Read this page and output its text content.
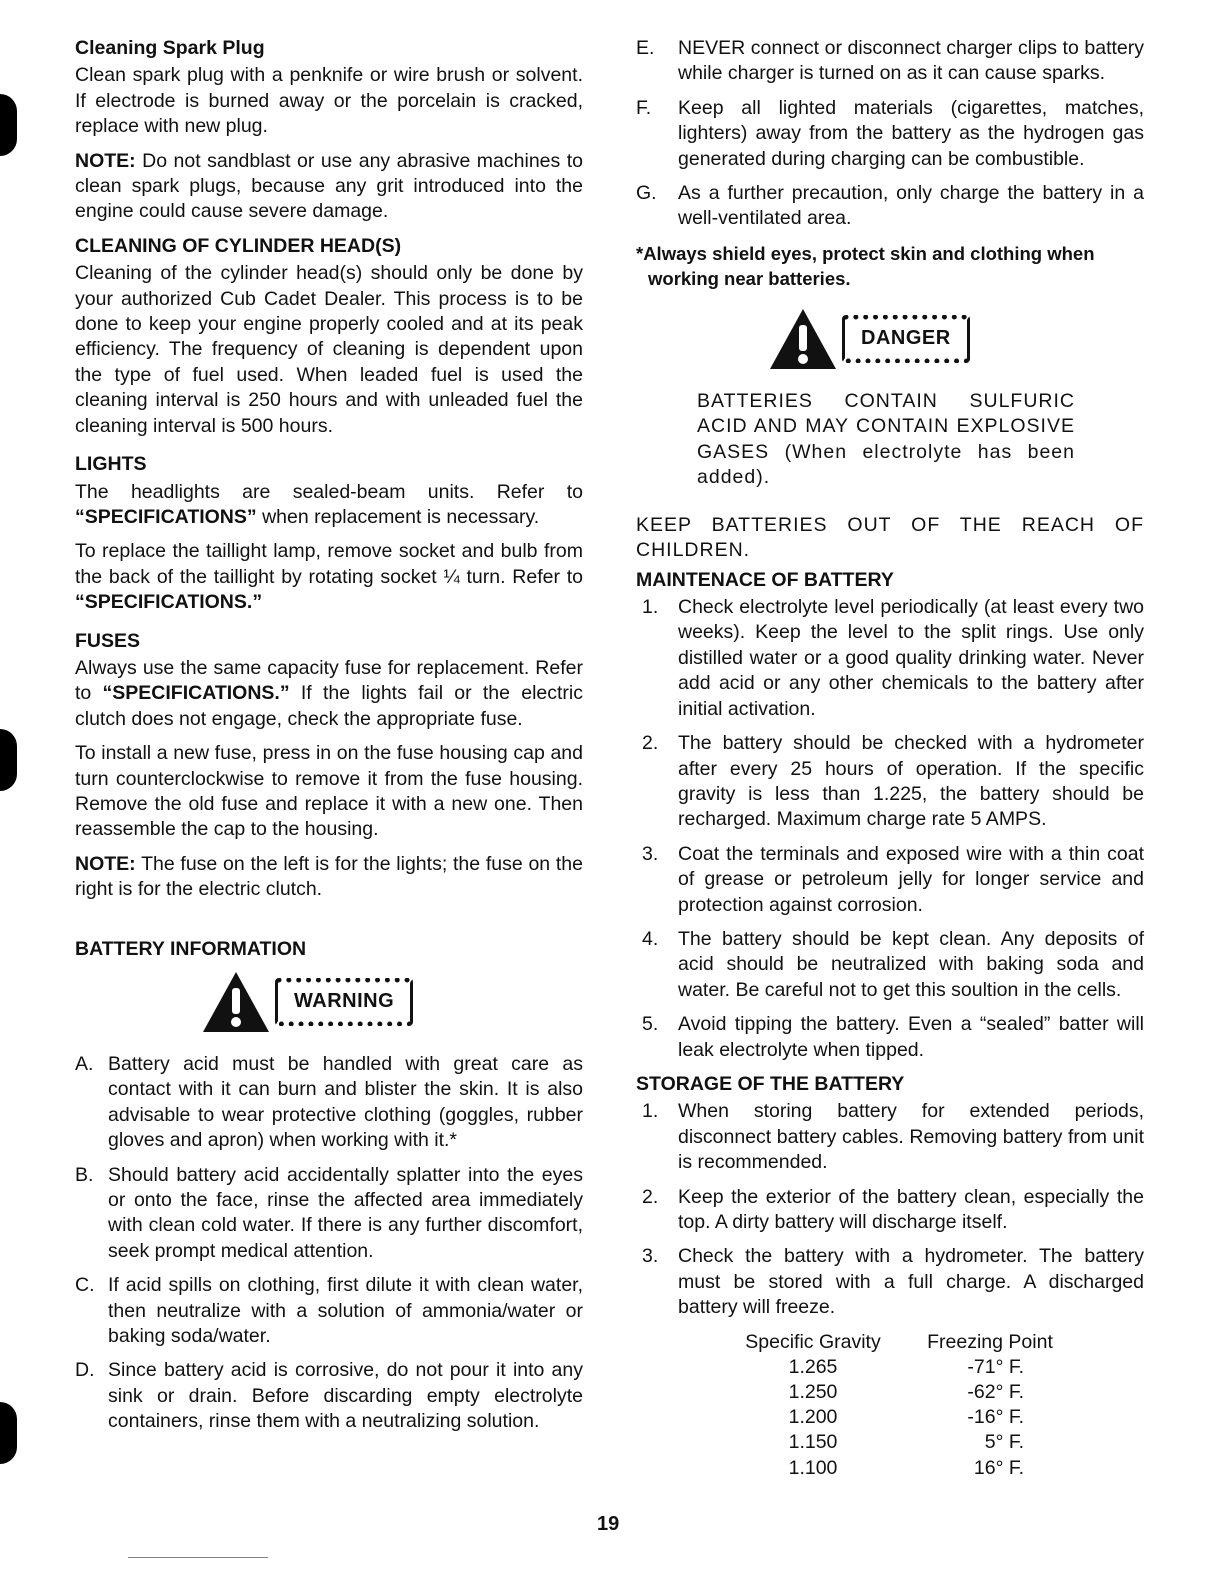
Cleaning Spark Plug

Clean spark plug with a penknife or wire brush or solvent. If electrode is burned away or the porcelain is cracked, replace with new plug.

NOTE: Do not sandblast or use any abrasive machines to clean spark plugs, because any grit introduced into the engine could cause severe damage.

CLEANING OF CYLINDER HEAD(S)

Cleaning of the cylinder head(s) should only be done by your authorized Cub Cadet Dealer. This process is to be done to keep your engine properly cooled and at its peak efficiency. The frequency of cleaning is dependent upon the type of fuel used. When leaded fuel is used the cleaning interval is 250 hours and with unleaded fuel the cleaning interval is 500 hours.

LIGHTS

The headlights are sealed-beam units. Refer to “SPECIFICATIONS” when replacement is necessary.

To replace the taillight lamp, remove socket and bulb from the back of the taillight by rotating socket ¼ turn. Refer to “SPECIFICATIONS.”

FUSES

Always use the same capacity fuse for replacement. Refer to “SPECIFICATIONS.” If the lights fail or the electric clutch does not engage, check the appropriate fuse.

To install a new fuse, press in on the fuse housing cap and turn counterclockwise to remove it from the fuse housing. Remove the old fuse and replace it with a new one. Then reassemble the cap to the housing.

NOTE: The fuse on the left is for the lights; the fuse on the right is for the electric clutch.

BATTERY INFORMATION

WARNING
A. Battery acid must be handled with great care as contact with it can burn and blister the skin. It is also advisable to wear protective clothing (goggles, rubber gloves and apron) when working with it.*
B. Should battery acid accidentally splatter into the eyes or onto the face, rinse the affected area immediately with clean cold water. If there is any further discomfort, seek prompt medical attention.
C. If acid spills on clothing, first dilute it with clean water, then neutralize with a solution of ammonia/water or baking soda/water.
D. Since battery acid is corrosive, do not pour it into any sink or drain. Before discarding empty electrolyte containers, rinse them with a neutralizing solution.
E.	NEVER connect or disconnect charger clips to battery while charger is turned on as it can cause sparks.
F.	Keep all lighted materials (cigarettes, matches, lighters) away from the battery as the hydrogen gas generated during charging can be combustible.
G.	As a further precaution, only charge the battery in a well-ventilated area.

*Always shield eyes, protect skin and clothing when working near batteries.

DANGER

BATTERIES CONTAIN SULFURIC ACID AND MAY CONTAIN EXPLOSIVE GASES (When electrolyte has been added).

KEEP BATTERIES OUT OF THE REACH OF CHILDREN.

MAINTENACE OF BATTERY

1.	Check electrolyte level periodically (at least every two weeks). Keep the level to the split rings. Use only distilled water or a good quality drinking water. Never add acid or any other chemicals to the battery after initial activation.
2.	The battery should be checked with a hydrometer after every 25 hours of operation. If the specific gravity is less than 1.225, the battery should be recharged. Maximum charge rate 5 AMPS.
3.	Coat the terminals and exposed wire with a thin coat of grease or petroleum jelly for longer service and protection against corrosion.
4.	The battery should be kept clean. Any deposits of acid should be neutralized with baking soda and water. Be careful not to get this soultion in the cells.
5.	Avoid tipping the battery. Even a “sealed” batter will leak electrolyte when tipped.

STORAGE OF THE BATTERY

1.	When storing battery for extended periods, disconnect battery cables. Removing battery from unit is recommended.
2.	Keep the exterior of the battery clean, especially the top. A dirty battery will discharge itself.
3.	Check the battery with a hydrometer. The battery must be stored with a full charge. A discharged battery will freeze.
Specific Gravity	Freezing Point
1.265	-71° F.
1.250	-62° F.
1.200	-16° F.
1.150	5° F.
1.100	16° F.
19
